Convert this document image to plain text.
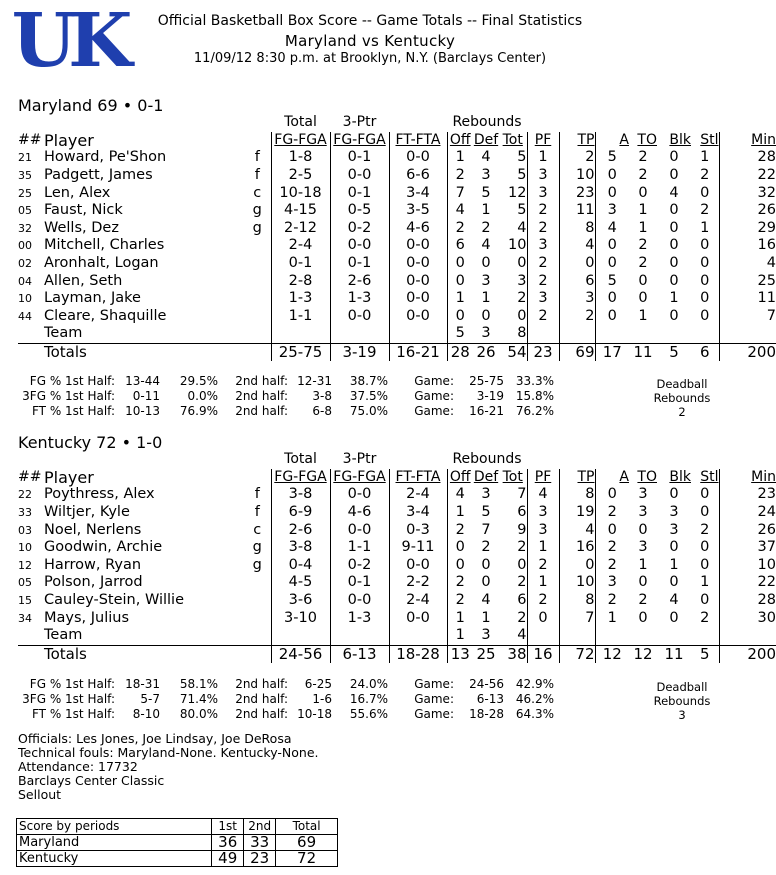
UK	Official Basketball Box Score -- Game Totals -- Final Statistics
Maryland vs Kentucky
11/09/12 8:30 p.m. at Brooklyn, N.Y. (Barclays Center)
Maryland 69 • 0-1
			Total	3-Ptr		Rebounds									
##	Player		FG-FGA	FG-FGA	FT-FTA	Off	Def	Tot	PF	TP	A	TO	Blk	Stl	Min
21	Howard, Pe'Shon	f	1-8	0-1	0-0	1	4	5	1	2	5	2	0	1	28
35	Padgett, James	f	2-5	0-0	6-6	2	3	5	3	10	0	2	0	2	22
25	Len, Alex	c	10-18	0-1	3-4	7	5	12	3	23	0	0	4	0	32
05	Faust, Nick	g	4-15	0-5	3-5	4	1	5	2	11	3	1	0	2	26
32	Wells, Dez	g	2-12	0-2	4-6	2	2	4	2	8	4	1	0	1	29
00	Mitchell, Charles		2-4	0-0	0-0	6	4	10	3	4	0	2	0	0	16
02	Aronhalt, Logan		0-1	0-1	0-0	0	0	0	2	0	0	2	0	0	4
04	Allen, Seth		2-8	2-6	0-0	0	3	3	2	6	5	0	0	0	25
10	Layman, Jake		1-3	1-3	0-0	1	1	2	3	3	0	0	1	0	11
44	Cleare, Shaquille		1-1	0-0	0-0	0	0	0	2	2	0	1	0	0	7
	Team					5	3	8							
	Totals		25-75	3-19	16-21	28	26	54	23	69	17	11	5	6	200
FG % 1st Half: 13-44 29.5% 2nd half: 12-31 38.7% Game: 25-75 33.3%
3FG % 1st Half: 0-11 0.0% 2nd half: 3-8 37.5% Game: 3-19 15.8%
FT % 1st Half: 10-13 76.9% 2nd half: 6-8 75.0% Game: 16-21 76.2%
Deadball
Rebounds
2
Kentucky 72 • 1-0
			Total	3-Ptr		Rebounds									
##	Player		FG-FGA	FG-FGA	FT-FTA	Off	Def	Tot	PF	TP	A	TO	Blk	Stl	Min
22	Poythress, Alex	f	3-8	0-0	2-4	4	3	7	4	8	0	3	0	0	23
33	Wiltjer, Kyle	f	6-9	4-6	3-4	1	5	6	3	19	2	3	3	0	24
03	Noel, Nerlens	c	2-6	0-0	0-3	2	7	9	3	4	0	0	3	2	26
10	Goodwin, Archie	g	3-8	1-1	9-11	0	2	2	1	16	2	3	0	0	37
12	Harrow, Ryan	g	0-4	0-2	0-0	0	0	0	2	0	2	1	1	0	10
05	Polson, Jarrod		4-5	0-1	2-2	2	0	2	1	10	3	0	0	1	22
15	Cauley-Stein, Willie		3-6	0-0	2-4	2	4	6	2	8	2	2	4	0	28
34	Mays, Julius		3-10	1-3	0-0	1	1	2	0	7	1	0	0	2	30
	Team					1	3	4							
	Totals		24-56	6-13	18-28	13	25	38	16	72	12	12	11	5	200
FG % 1st Half: 18-31 58.1% 2nd half: 6-25 24.0% Game: 24-56 42.9%
3FG % 1st Half: 5-7 71.4% 2nd half: 1-6 16.7% Game: 6-13 46.2%
FT % 1st Half: 8-10 80.0% 2nd half: 10-18 55.6% Game: 18-28 64.3%
Deadball
Rebounds
3
Officials: Les Jones, Joe Lindsay, Joe DeRosa
Technical fouls: Maryland-None. Kentucky-None.
Attendance: 17732
Barclays Center Classic
Sellout
Score by periods	1st	2nd	Total
Maryland	36	33	69
Kentucky	49	23	72
